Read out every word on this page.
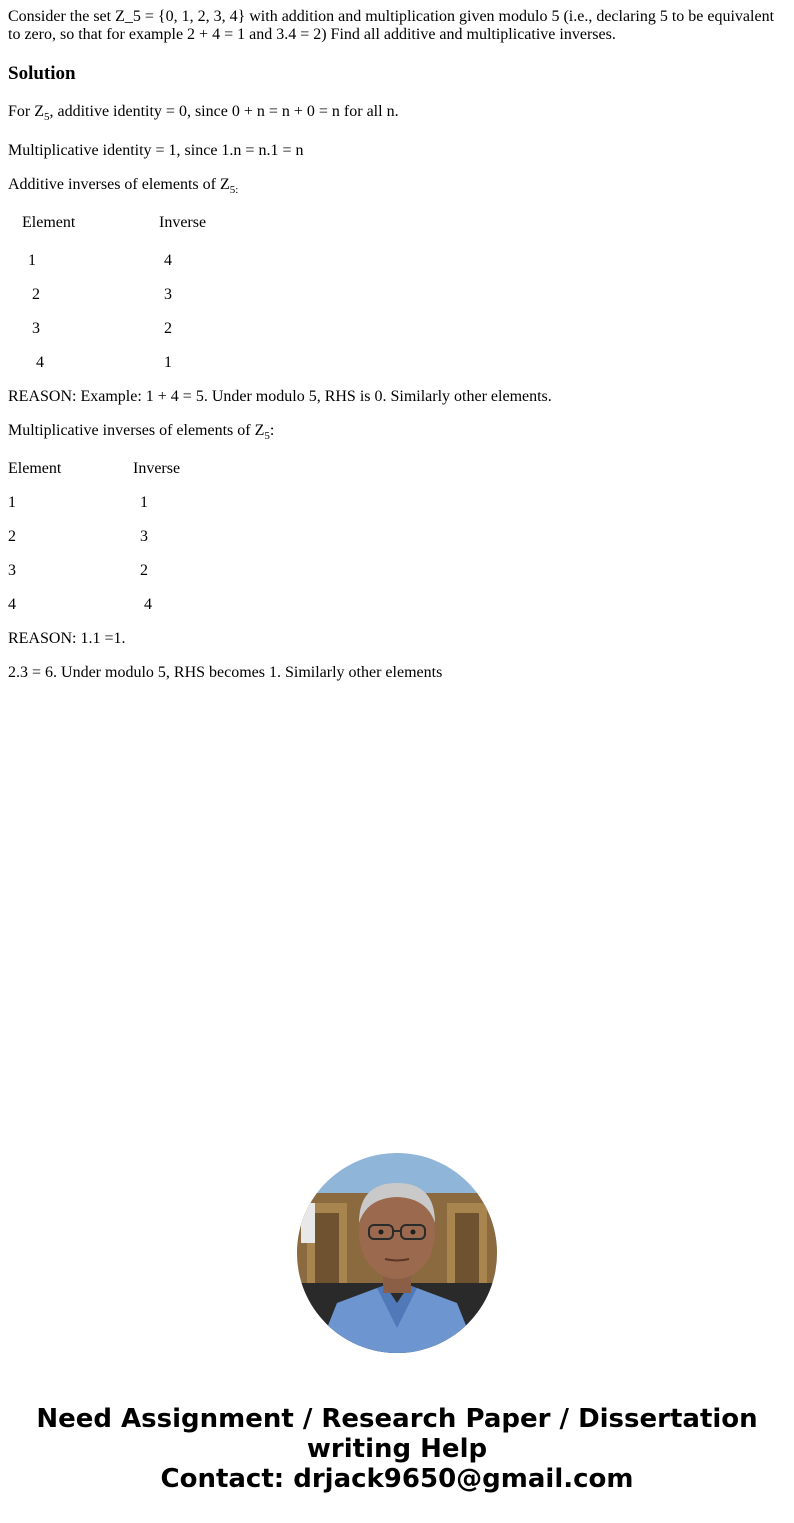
Consider the set Z_5 = {0, 1, 2, 3, 4} with addition and multiplication given modulo 5 (i.e., declaring 5 to be equivalent to zero, so that for example 2 + 4 = 1 and 3.4 = 2) Find all additive and multiplicative inverses.
Solution
For $Z_5$, additive identity = 0, since 0 + n = n + 0 = n for all n.
Multiplicative identity = 1, since 1.n = n.1 = n
Additive inverses of elements of $Z_{5:}$
Element	Inverse
1	4
2	3
3	2
4	1
REASON: Example: 1 + 4 = 5. Under modulo 5, RHS is 0. Similarly other elements.
Multiplicative inverses of elements of $Z_5$:
Element	Inverse
1	1
2	3
3	2
4	4
REASON: 1.1 =1.
2.3 = 6. Under modulo 5, RHS becomes 1. Similarly other elements
Need Assignment / Research Paper / Dissertation
writing Help
Contact: drjack9650@gmail.com
